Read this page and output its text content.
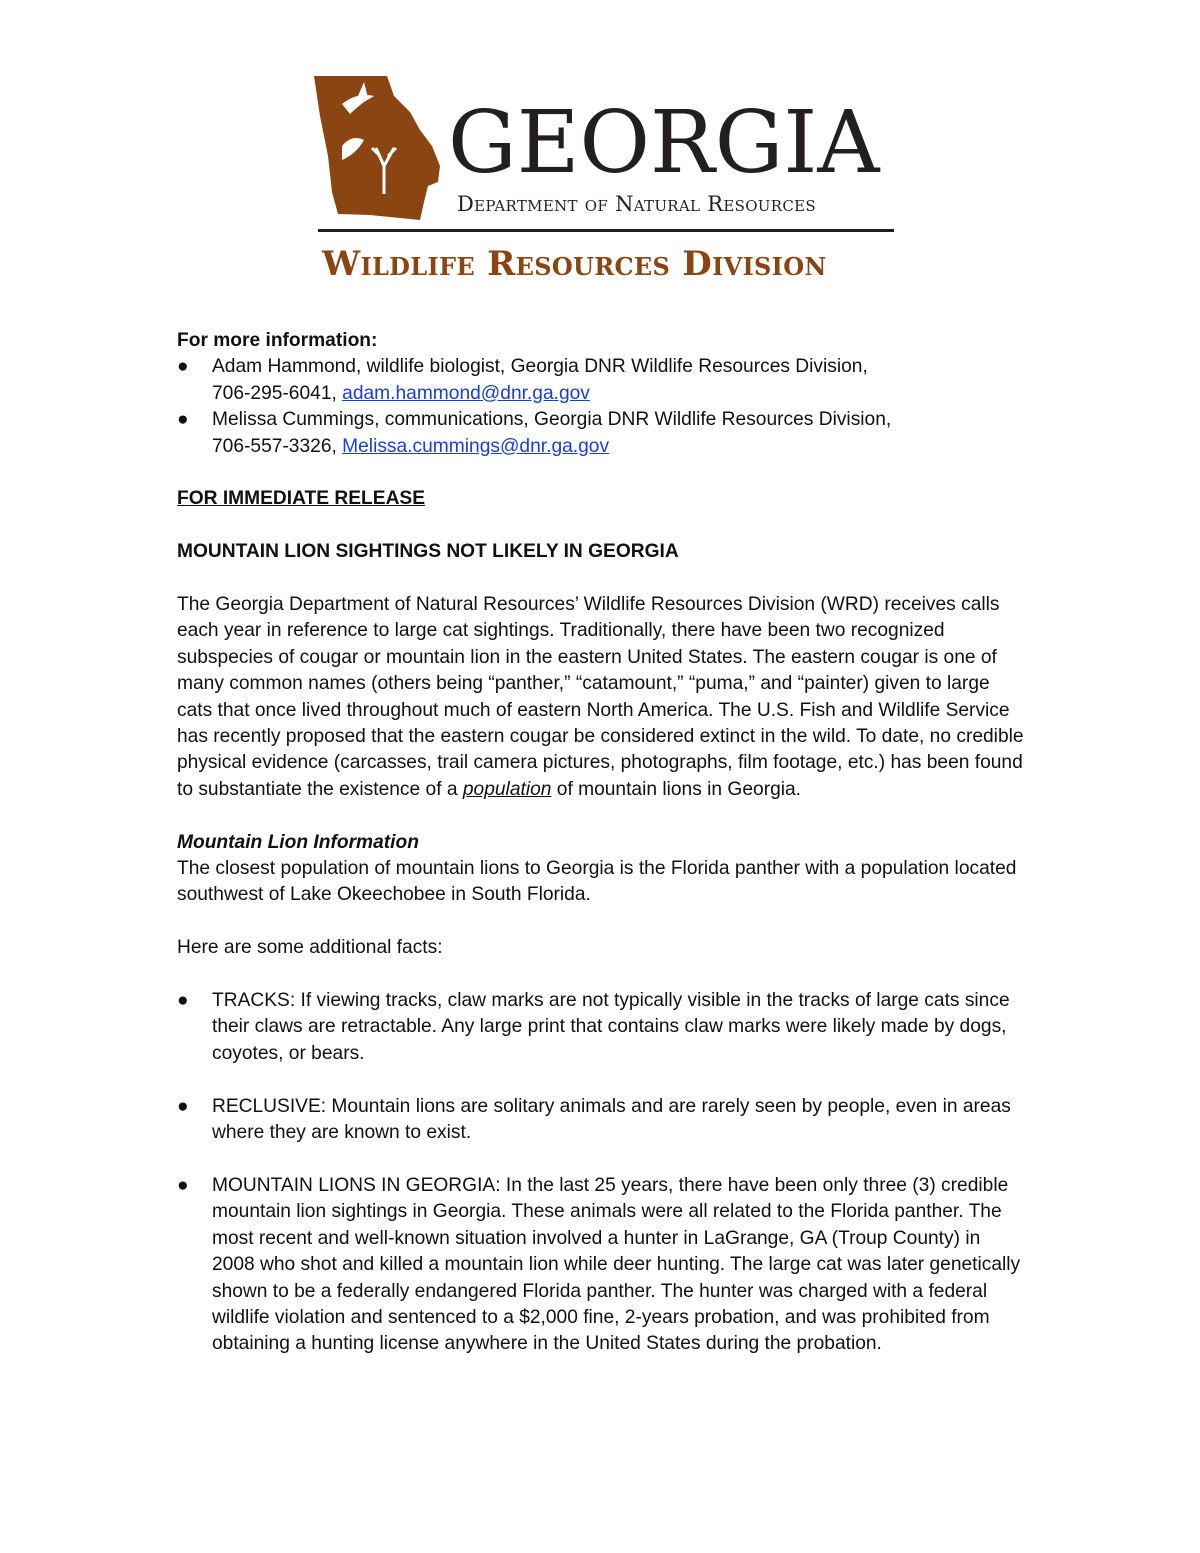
GEORGIA
Department of Natural Resources
Wildlife Resources Division

For more information:

● Adam Hammond, wildlife biologist, Georgia DNR Wildlife Resources Division,
706-295-6041, adam.hammond@dnr.ga.gov
● Melissa Cummings, communications, Georgia DNR Wildlife Resources Division,
706-557-3326, Melissa.cummings@dnr.ga.gov

FOR IMMEDIATE RELEASE

MOUNTAIN LION SIGHTINGS NOT LIKELY IN GEORGIA

The Georgia Department of Natural Resources’ Wildlife Resources Division (WRD) receives calls each year in reference to large cat sightings. Traditionally, there have been two recognized subspecies of cougar or mountain lion in the eastern United States. The eastern cougar is one of many common names (others being “panther,” “catamount,” “puma,” and “painter) given to large cats that once lived throughout much of eastern North America. The U.S. Fish and Wildlife Service has recently proposed that the eastern cougar be considered extinct in the wild. To date, no credible physical evidence (carcasses, trail camera pictures, photographs, film footage, etc.) has been found to substantiate the existence of a population of mountain lions in Georgia.

Mountain Lion Information

The closest population of mountain lions to Georgia is the Florida panther with a population located southwest of Lake Okeechobee in South Florida.

Here are some additional facts:

● TRACKS: If viewing tracks, claw marks are not typically visible in the tracks of large cats since their claws are retractable. Any large print that contains claw marks were likely made by dogs, coyotes, or bears.
● RECLUSIVE: Mountain lions are solitary animals and are rarely seen by people, even in areas where they are known to exist.
● MOUNTAIN LIONS IN GEORGIA: In the last 25 years, there have been only three (3) credible mountain lion sightings in Georgia. These animals were all related to the Florida panther. The most recent and well-known situation involved a hunter in LaGrange, GA (Troup County) in 2008 who shot and killed a mountain lion while deer hunting. The large cat was later genetically shown to be a federally endangered Florida panther. The hunter was charged with a federal wildlife violation and sentenced to a $2,000 fine, 2-years probation, and was prohibited from obtaining a hunting license anywhere in the United States during the probation.
